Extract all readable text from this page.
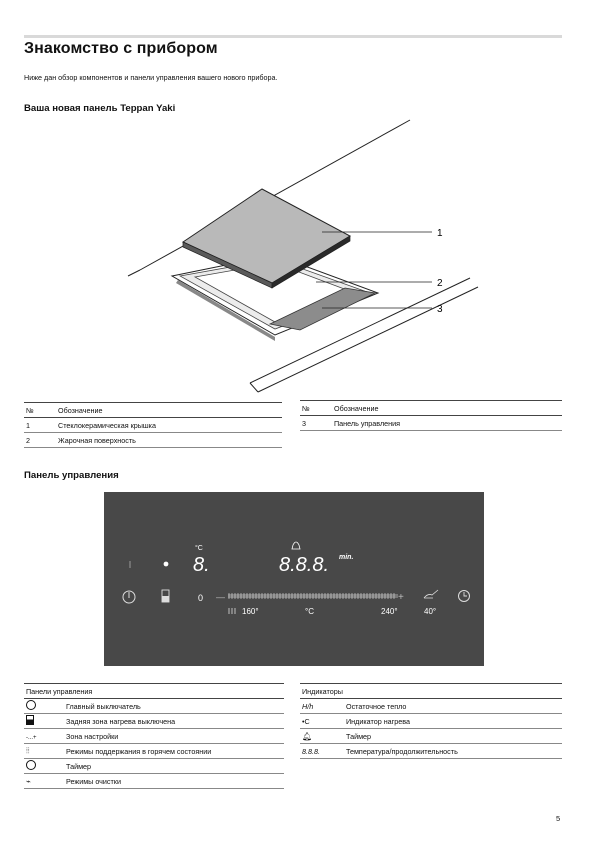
Знакомство с прибором
Ниже дан обзор компонентов и панели управления вашего нового прибора.
Ваша новая панель Teppan Yaki
1
2
3
№	Обозначение
1	Стеклокерамическая крышка
2	Жарочная поверхность
№	Обозначение
3	Панель управления
Панель управления
°C
8.	8.8.8. min.
0 —	+
160°	°C	240°	40°
Панели управления	
	Главный выключатель
	Задняя зона нагрева выключена
-...+	Зона настройки
⦙⦙	Режимы поддержания в горячем состоянии
	Таймер
⌁	Режимы очистки
Индикаторы	
H/h	Остаточное тепло
•C	Индикатор нагрева
🔔︎	Таймер
8.8.8.	Температура/продолжительность
5
